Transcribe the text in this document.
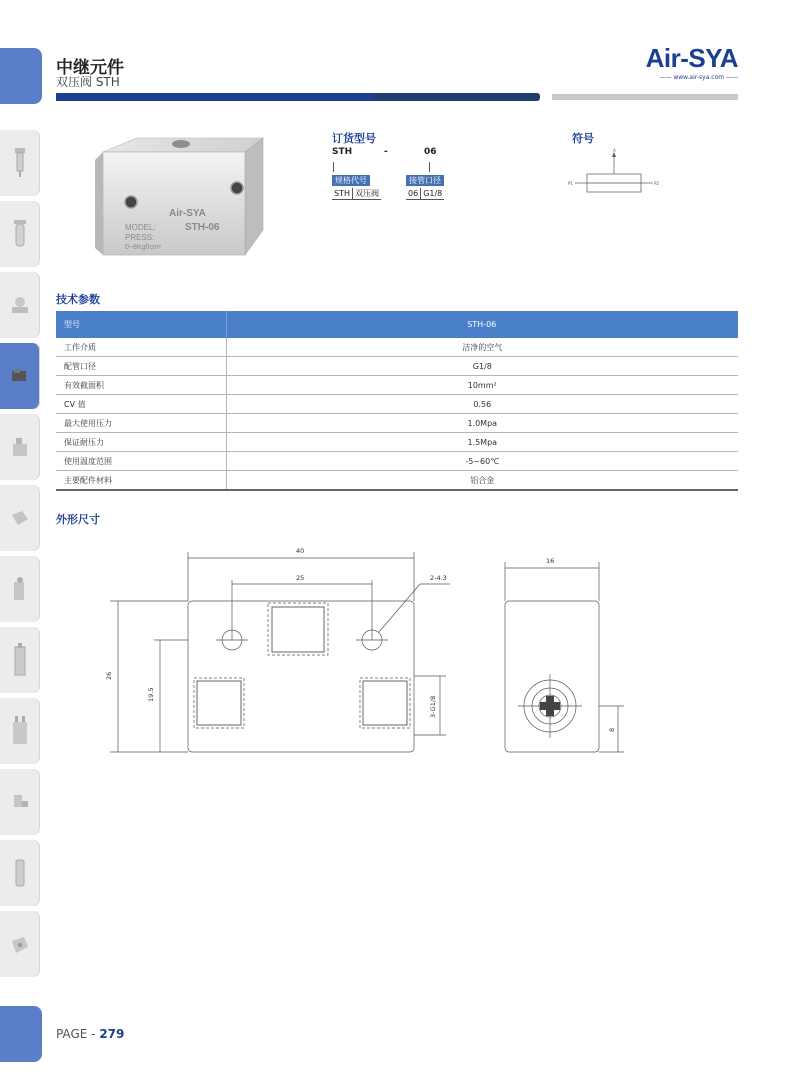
中继元件
双压阀 STH
Air-SYA
—— www.air-sya.com ——
Air-SYA
MODEL:	STH-06
PRESS:
0~8Kgf/cm²
订货型号
STH	-	06
规格代号	接管口径
STH 双压阀	06 G1/8
符号
A
P1	P2
技术参数
型号	STH-06
工作介质	洁净的空气
配管口径	G1/8
有效截面积	10mm²
CV 值	0.56
最大使用压力	1.0Mpa
保证耐压力	1.5Mpa
使用温度范围	-5~60℃
主要配件材料	铝合金
外形尺寸
40
25	2-4.3
16
26
19.5
3-G1/8
8
PAGE - 279
